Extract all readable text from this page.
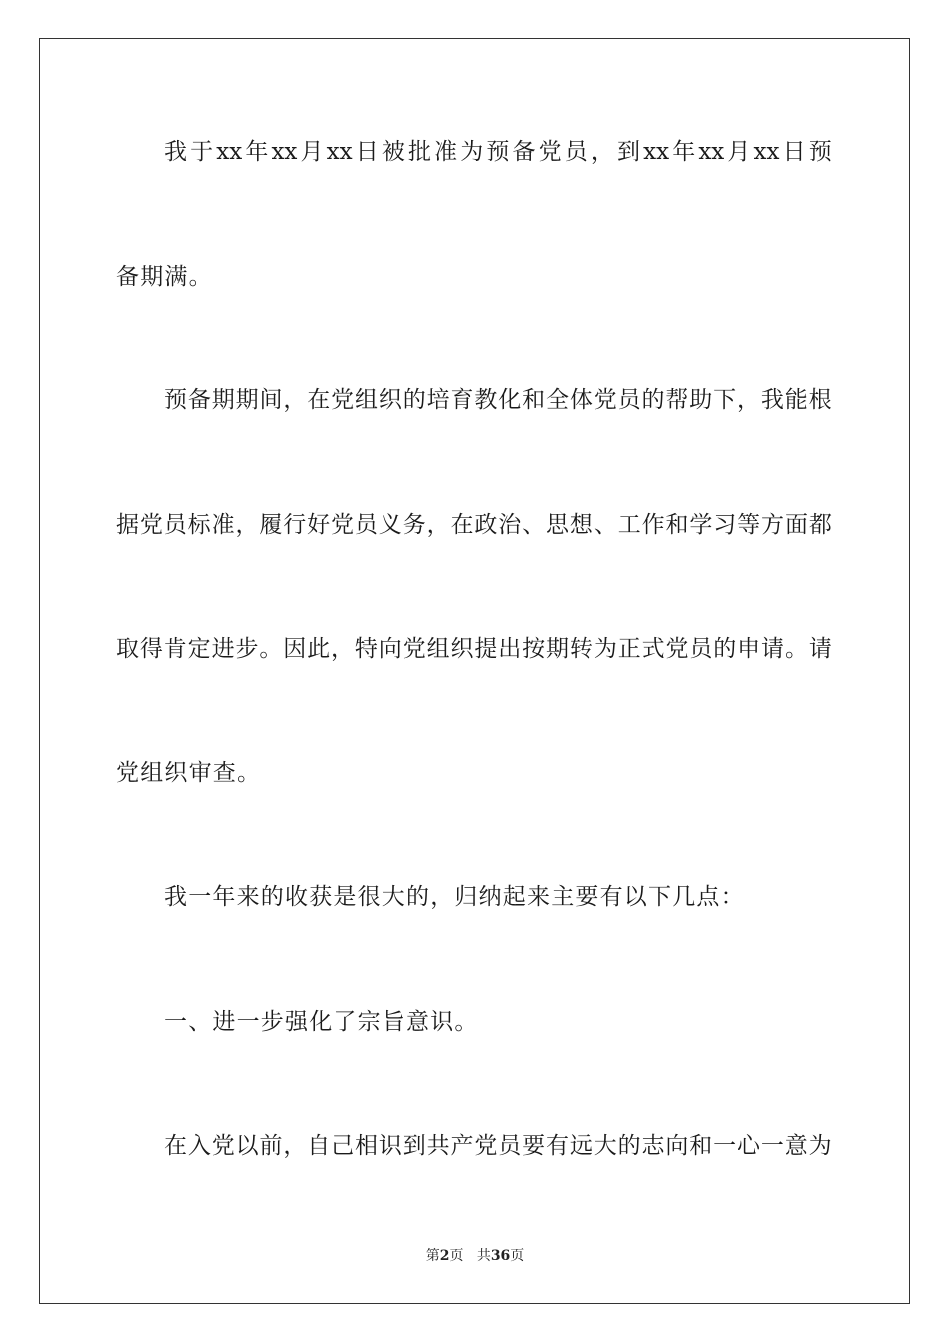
我 于 xx 年 xx 月 xx 日 被 批 准 为 预 备 党 员 ， 到 xx 年 xx 月 xx 日 预
备期满。
预 备 期 期 间 ， 在 党 组 织 的 培 育 教 化 和 全 体 党 员 的 帮 助 下 ， 我 能 根
据 党 员 标 准 ， 履 行 好 党 员 义 务 ， 在 政 治 、 思 想 、 工 作 和 学 习 等 方 面 都
取 得 肯 定 进 步 。 因 此 ， 特 向 党 组 织 提 出 按 期 转 为 正 式 党 员 的 申 请 。 请
党组织审查。
我一年来的收获是很大的，归纳起来主要有以下几点：
一、进一步强化了宗旨意识。
在 入 党 以 前 ， 自 己 相 识 到 共 产 党 员 要 有 远 大 的 志 向 和 一 心 一 意 为
第2页 共36页
